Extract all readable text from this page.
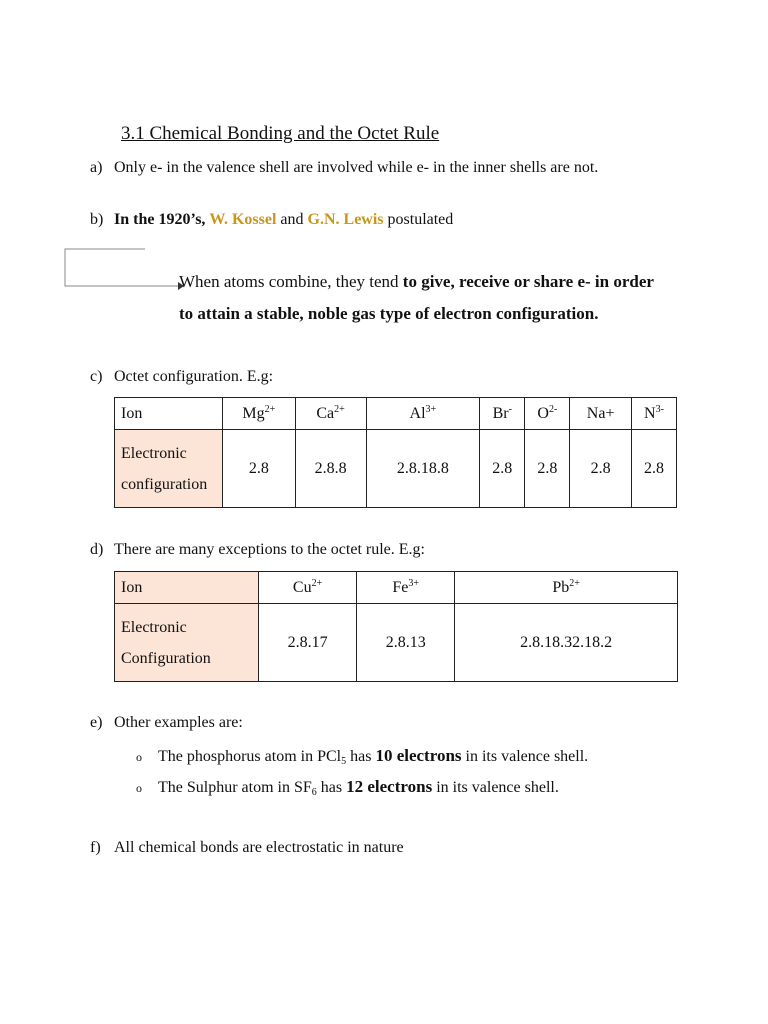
3.1 Chemical Bonding and the Octet Rule
a) Only e- in the valence shell are involved while e- in the inner shells are not.
b) In the 1920’s, W. Kossel and G.N. Lewis postulated
When atoms combine, they tend to give, receive or share e- in order
to attain a stable, noble gas type of electron configuration.
c) Octet configuration. E.g:
Ion	$Mg^{2+}$	$Ca^{2+}$	$Al^{3+}$	Br-	$O^{2-}$	Na+	$N^{3-}$

Electronic
configuration	2.8	2.8.8	2.8.18.8	2.8	2.8	2.8	2.8
d) There are many exceptions to the octet rule. E.g:
Ion	$Cu^{2+}$	$Fe^{3+}$	$Pb^{2+}$

Electronic
Configuration	2.8.17	2.8.13	2.8.18.32.18.2
e) Other examples are:
o The phosphorus atom in PCl$_5$ has 10 electrons in its valence shell.
o The Sulphur atom in $SF_6$ has 12 electrons in its valence shell.
f) All chemical bonds are electrostatic in nature
